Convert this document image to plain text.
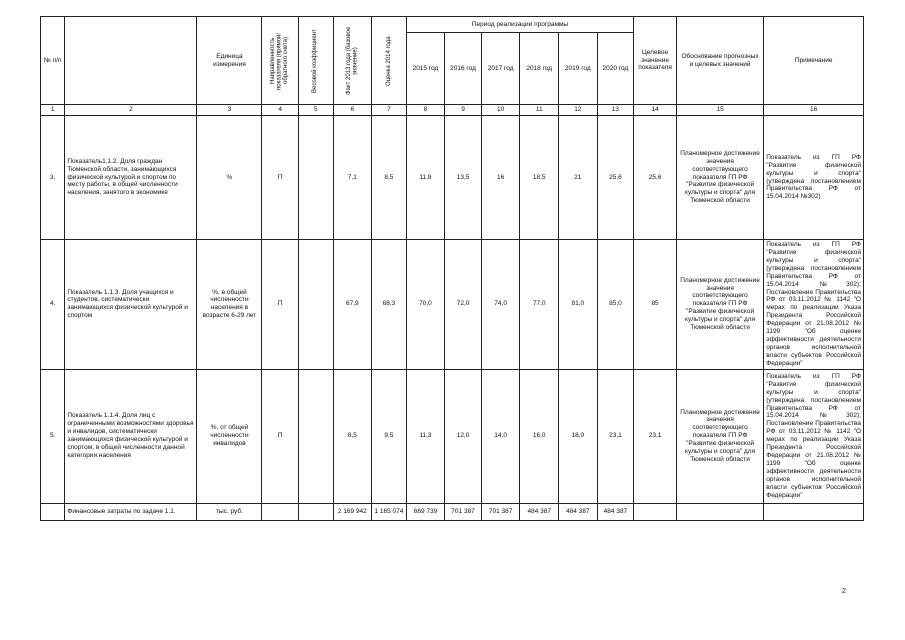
№ п/п		Единица измерения	Направленность показателя (прямой/обратного счета)	Весовой коэффициент	Факт 2013 года (базовое значение)	Оценка 2014 года	Период реализации программы						Целевое значение показателя	Обоснование прогнозных и целевых значений	Примечание
							2015 год	2016 год	2017 год	2018 год	2019 год	2020 год			
1	2	3	4	5	6	7	8	9	10	11	12	13	14	15	16
3.	Показатель1.1.2. Доля граждан Тюменской области, занимающихся физической культурой и спортом по месту работы, в общей численности населения, занятого в экономике	%	П		7,1	8,5	11,8	13,5	16	18,5	21	25,6	25,6	Планомерное достижение значения соответствующего показателя ГП РФ "Развитие физической культуры и спорта" для Тюменской области	Показатель из ГП РФ "Развитие физической культуры и спорта" (утверждена постановлением Правительства РФ от 15.04.2014 №302)
4.	Показатель 1.1.3. Доля учащихся и студентов, систематически занимающихся физической культурой и спортом	%, в общей численности населения в возрасте 6-29 лет	П		67,9	68,3	70,0	72,0	74,0	77,0	81,0	85,0	85	Планомерное достижение значения соответствующего показателя ГП РФ "Развитие физической культуры и спорта" для Тюменской области	Показатель из ГП РФ "Развитие физической культуры и спорта"(утверждена постановлением Правительства РФ от 15.04.2014 №302); Постановление Правительства РФ от 03.11.2012 № 1142 "О мерах по реализации Указа Президента Российской Федерации от 21.08.2012 № 1199 "Об оценке эффективности деятельности органов исполнительной власти субъектов Российской Федерации"
5.	Показатель 1.1.4. Доля лиц с ограниченными возможностями здоровья и инвалидов, систематически занимающихся физической культурой и спортом, в общей численности данной категории населения	%, от общей численности инвалидов	П		8,5	9,5	11,3	12,0	14,0	16,0	18,0	23,1	23,1	Планомерное достижение значения соответствующего показателя ГП РФ "Развитие физической культуры и спорта" для Тюменской области	Показатель из ГП РФ "Развитие физической культуры и спорта" (утверждена постановлением Правительства РФ от 15.04.2014 №302); Постановление Правительства РФ от 03.11.2012 № 1142 "О мерах по реализации Указа Президента Российской Федерации от 21.08.2012 № 1199 "Об оценке эффективности деятельности органов исполнительной власти субъектов Российской Федерации"
	Финансовые затраты по задаче 1.1.	тыс. руб.			2 169 942	1 165 074	669 739	701 387	701 387	484 387	484 387	484 387			
2
